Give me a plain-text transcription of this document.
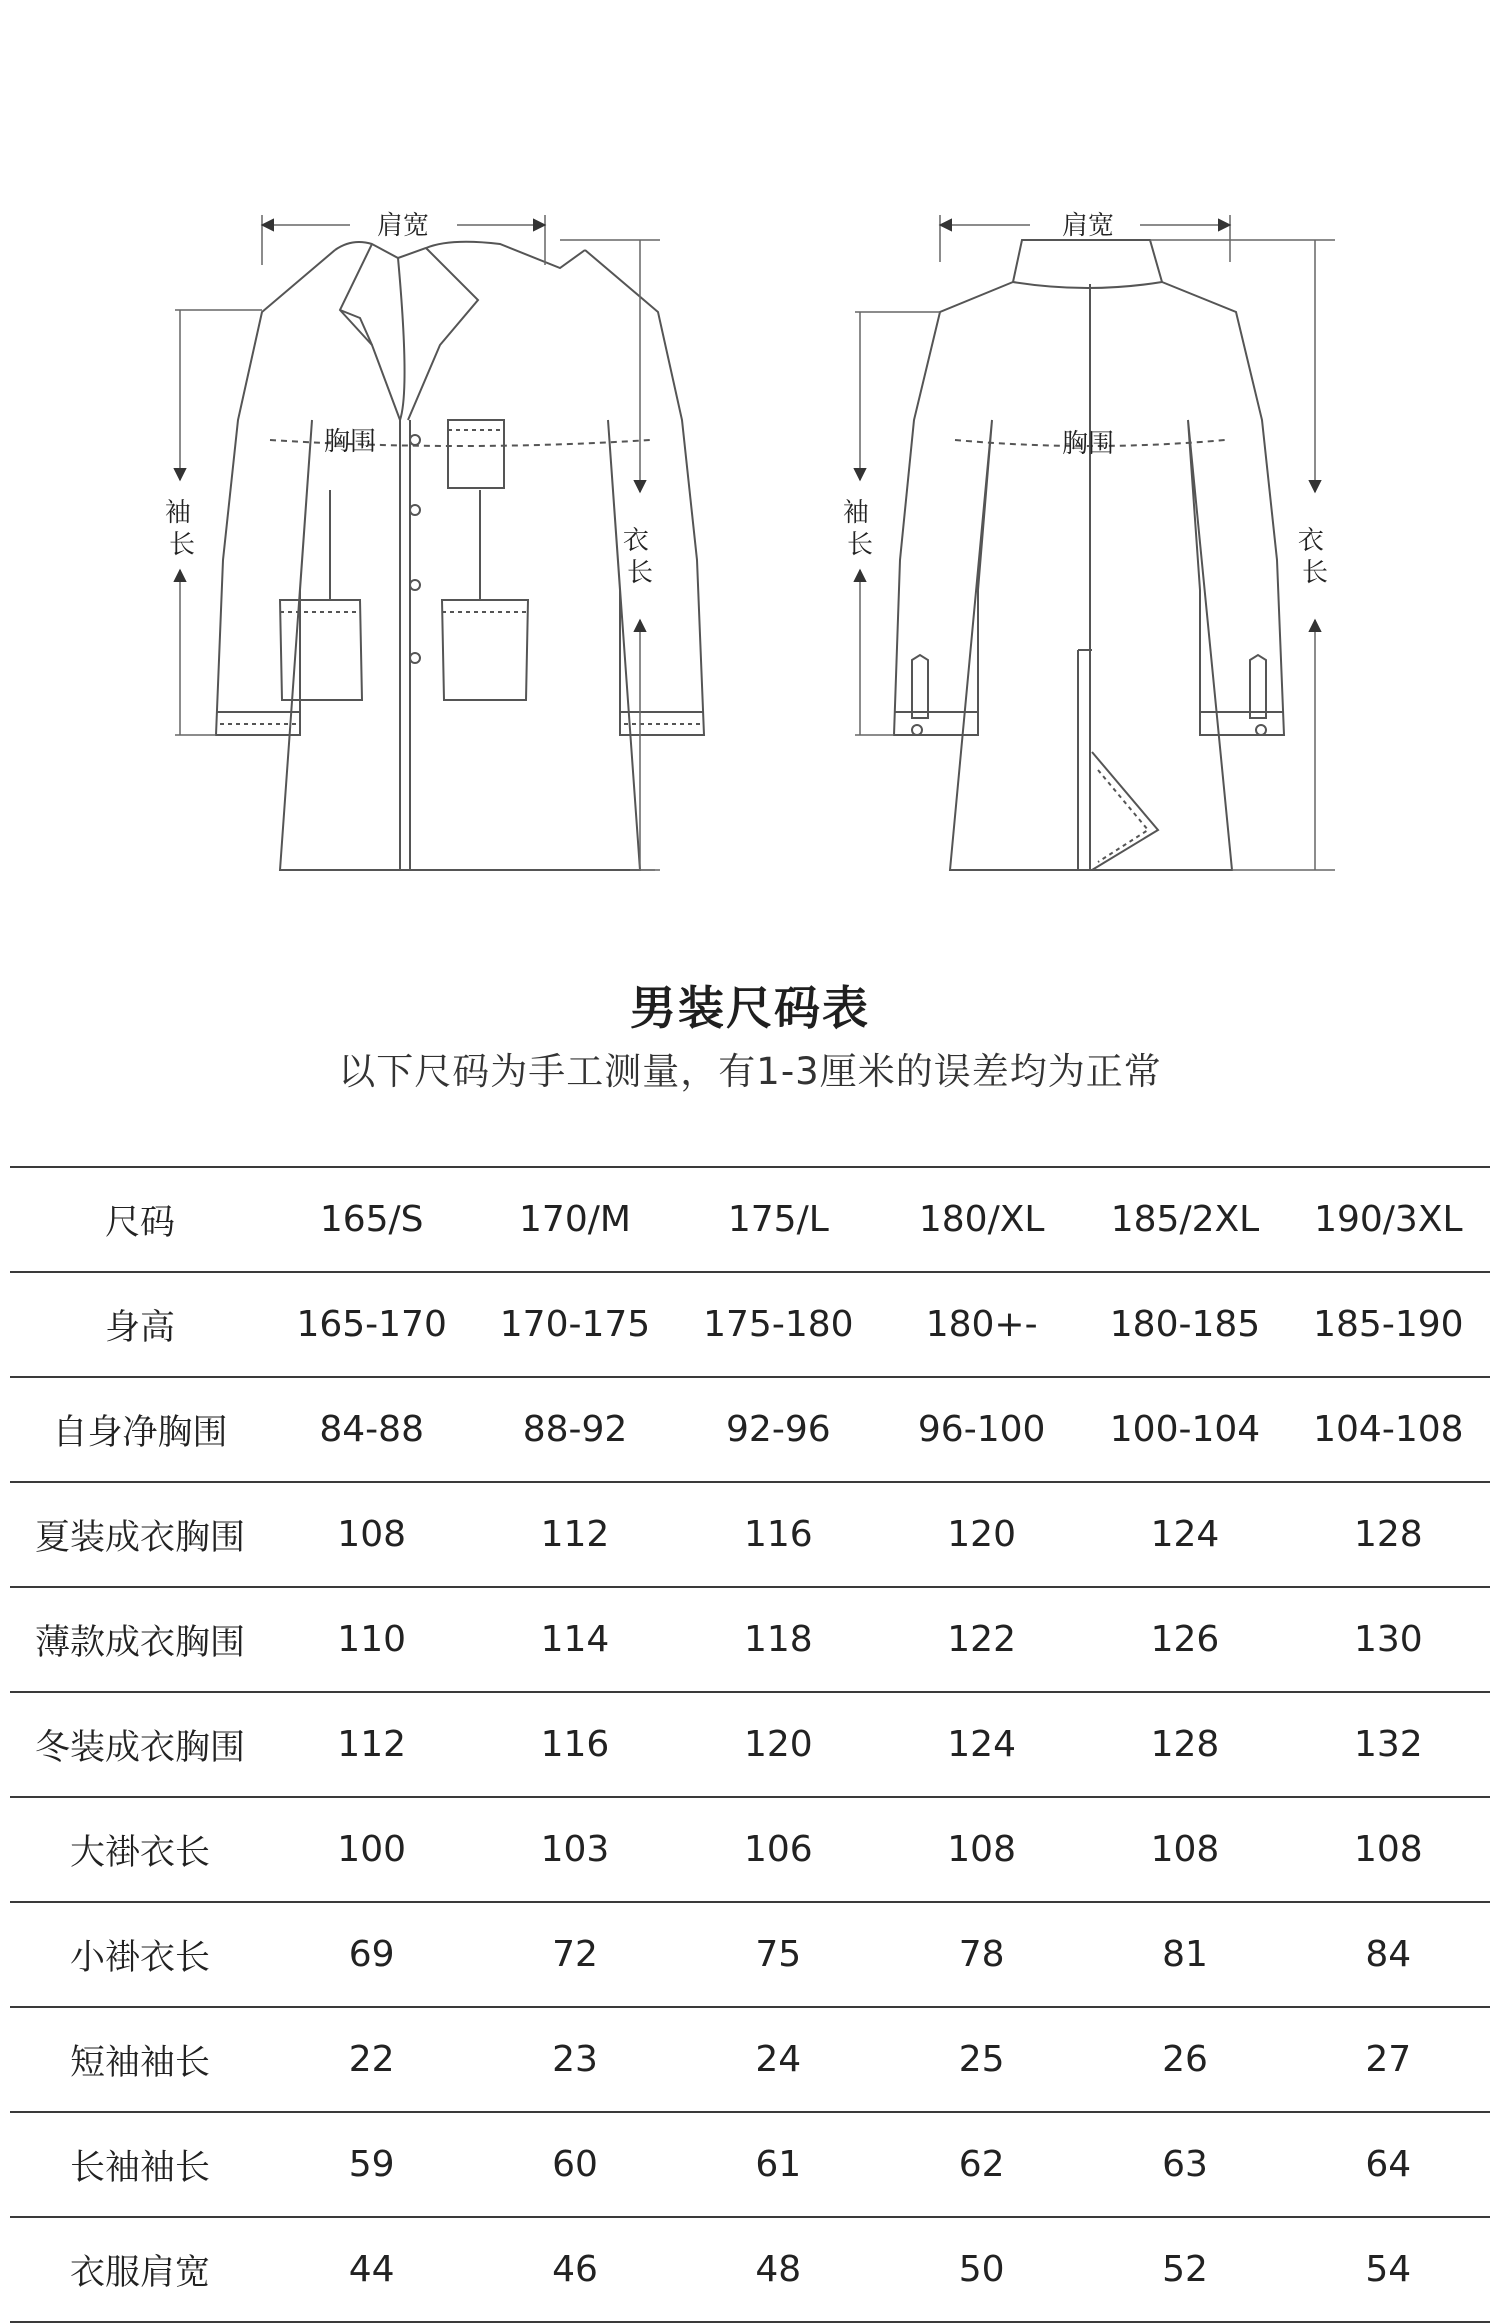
肩宽
胸围
袖 长	衣 长
肩宽
胸围
袖 长	衣 长
男装尺码表
以下尺码为手工测量，有1-3厘米的误差均为正常
尺码	165/S	170/M	175/L	180/XL	185/2XL	190/3XL
身高	165-170	170-175	175-180	180+-	180-185	185-190
自身净胸围	84-88	88-92	92-96	96-100	100-104	104-108
夏装成衣胸围	108	112	116	120	124	128
薄款成衣胸围	110	114	118	122	126	130
冬装成衣胸围	112	116	120	124	128	132
大褂衣长	100	103	106	108	108	108
小褂衣长	69	72	75	78	81	84
短袖袖长	22	23	24	25	26	27
长袖袖长	59	60	61	62	63	64
衣服肩宽	44	46	48	50	52	54
